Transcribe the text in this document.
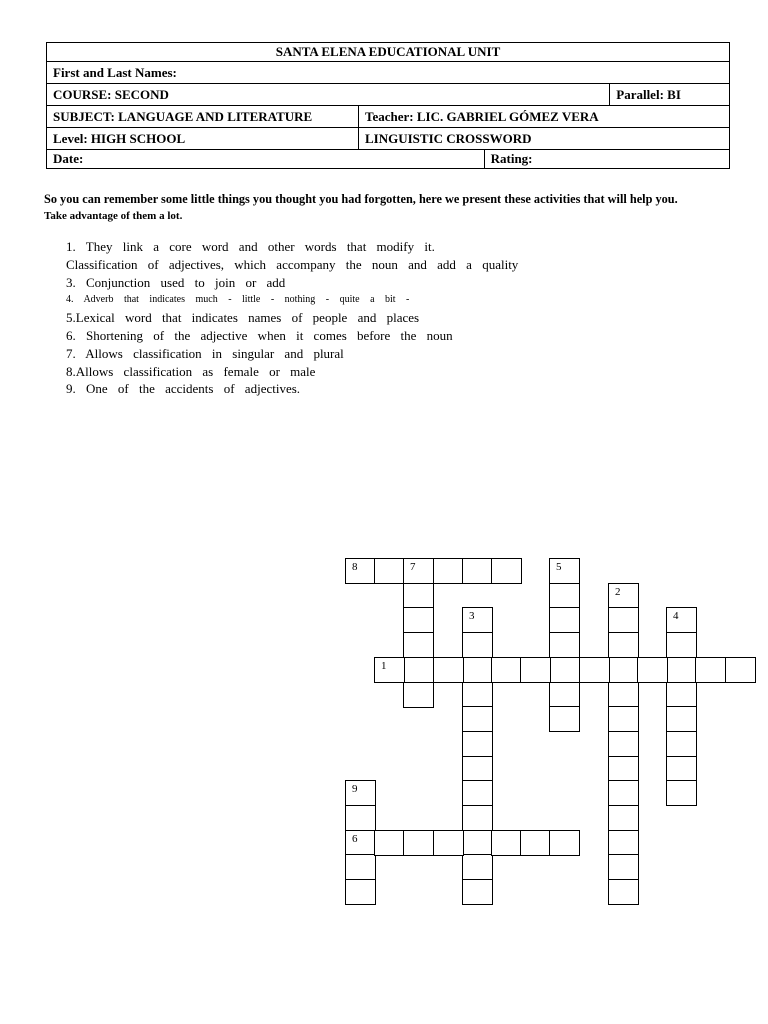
SANTA ELENA EDUCATIONAL UNIT			
First and Last Names:			
COURSE: SECOND			Parallel: BI
SUBJECT: LANGUAGE AND LITERATURE	Teacher: LIC. GABRIEL GÓMEZ VERA		
Level: HIGH SCHOOL	LINGUISTIC CROSSWORD		
Date:		Rating:	
So you can remember some little things you thought you had forgotten, here we present these activities that will help you.
Take advantage of them a lot.
1. They link a core word and other words that modify it.
Classification of adjectives, which accompany the noun and add a quality
3. Conjunction used to join or add
4. Adverb that indicates much - little - nothing - quite a bit -
5.Lexical word that indicates names of people and places
6. Shortening of the adjective when it comes before the noun
7. Allows classification in singular and plural
8.Allows classification as female or male
9. One of the accidents of adjectives.
8	7	5
2
3	4
1
9
6
